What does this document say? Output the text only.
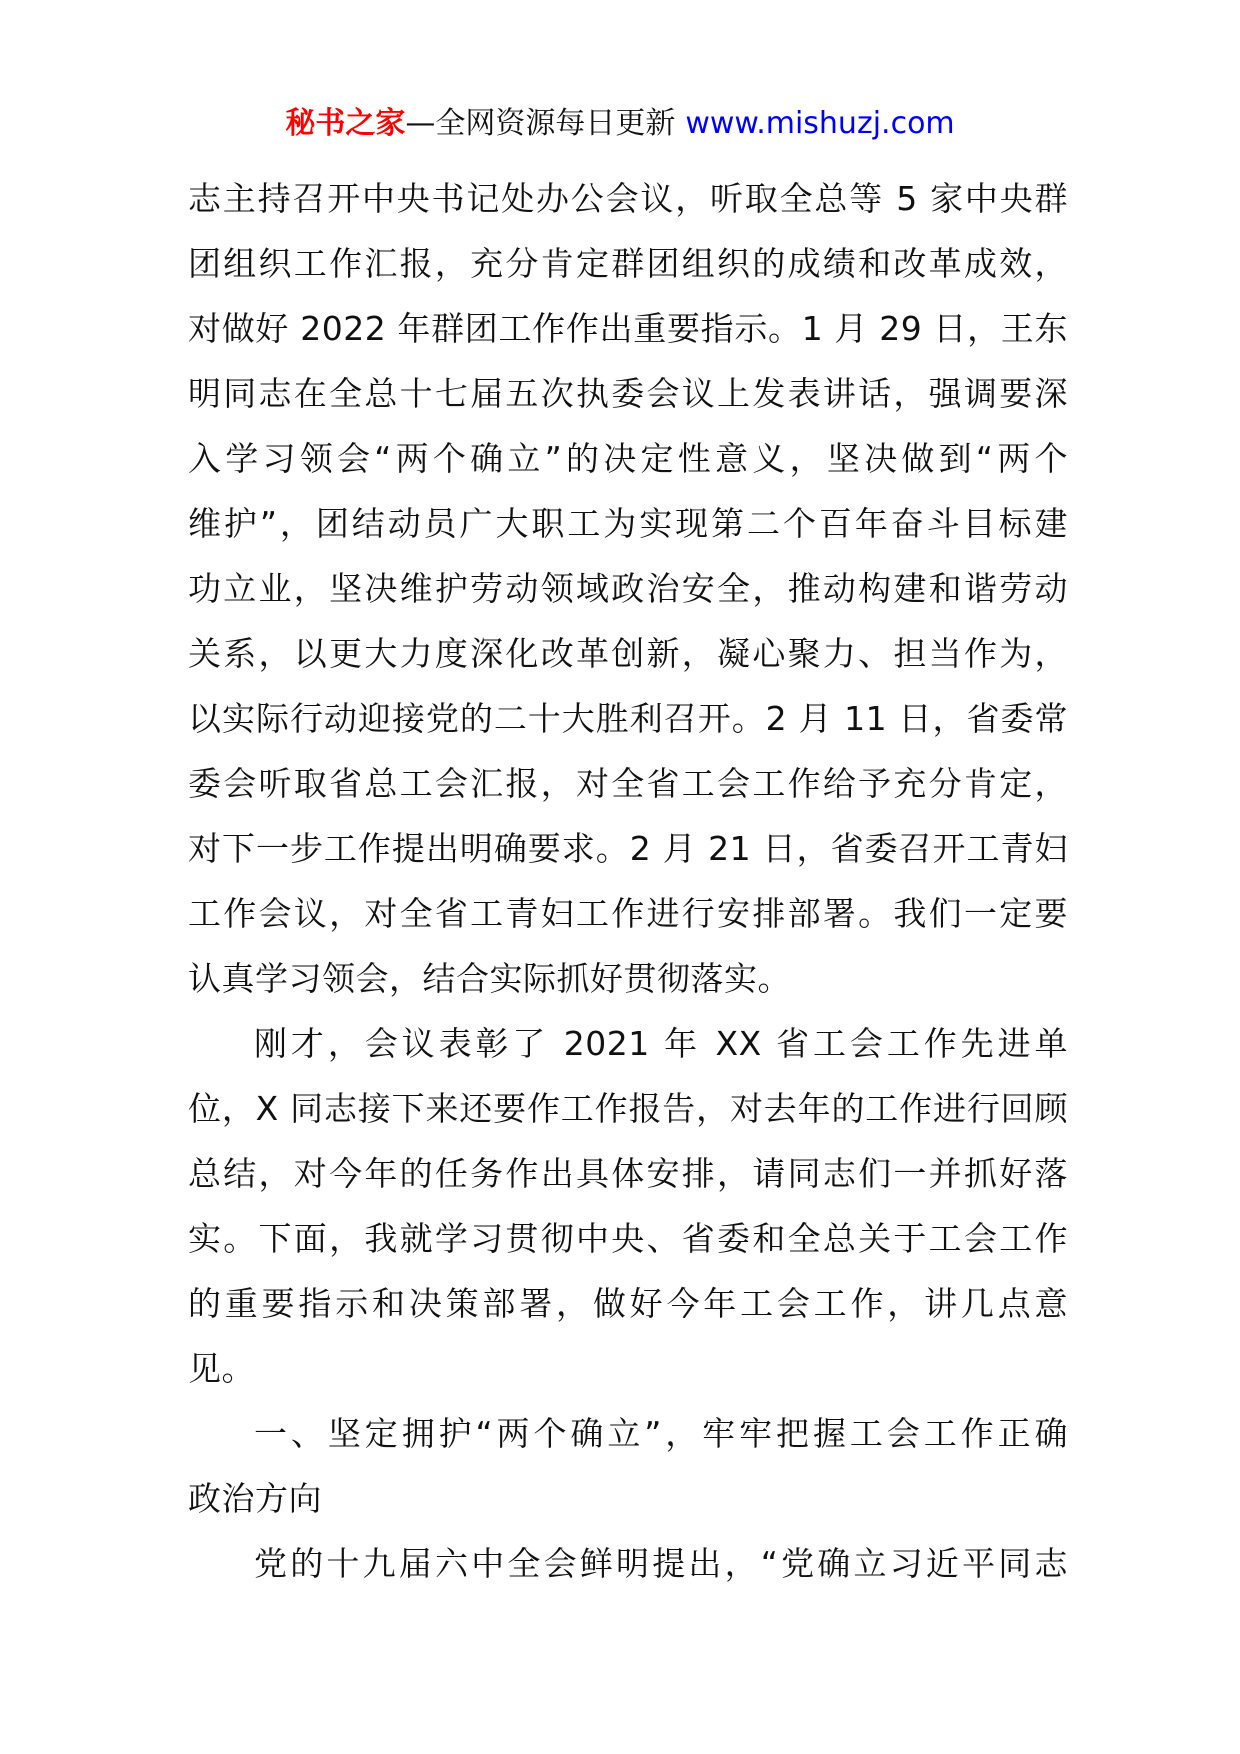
秘书之家—全网资源每日更新 www.mishuzj.com
志主持召开中央书记处办公会议，听取全总等 5 家中央群
团组织工作汇报，充分肯定群团组织的成绩和改革成效，
对做好 2022 年群团工作作出重要指示。1 月 29 日，王东
明同志在全总十七届五次执委会议上发表讲话，强调要深
入学习领会“两个确立”的决定性意义，坚决做到“两个
维护”，团结动员广大职工为实现第二个百年奋斗目标建
功立业，坚决维护劳动领域政治安全，推动构建和谐劳动
关系，以更大力度深化改革创新，凝心聚力、担当作为，
以实际行动迎接党的二十大胜利召开。2 月 11 日，省委常
委会听取省总工会汇报，对全省工会工作给予充分肯定，
对下一步工作提出明确要求。2 月 21 日，省委召开工青妇
工作会议，对全省工青妇工作进行安排部署。我们一定要
认真学习领会，结合实际抓好贯彻落实。
刚才，会议表彰了 2021 年 XX 省工会工作先进单
位，X 同志接下来还要作工作报告，对去年的工作进行回顾
总结，对今年的任务作出具体安排，请同志们一并抓好落
实。下面，我就学习贯彻中央、省委和全总关于工会工作
的重要指示和决策部署，做好今年工会工作，讲几点意
见。
一、坚定拥护“两个确立”，牢牢把握工会工作正确
政治方向
党的十九届六中全会鲜明提出，“党确立习近平同志
